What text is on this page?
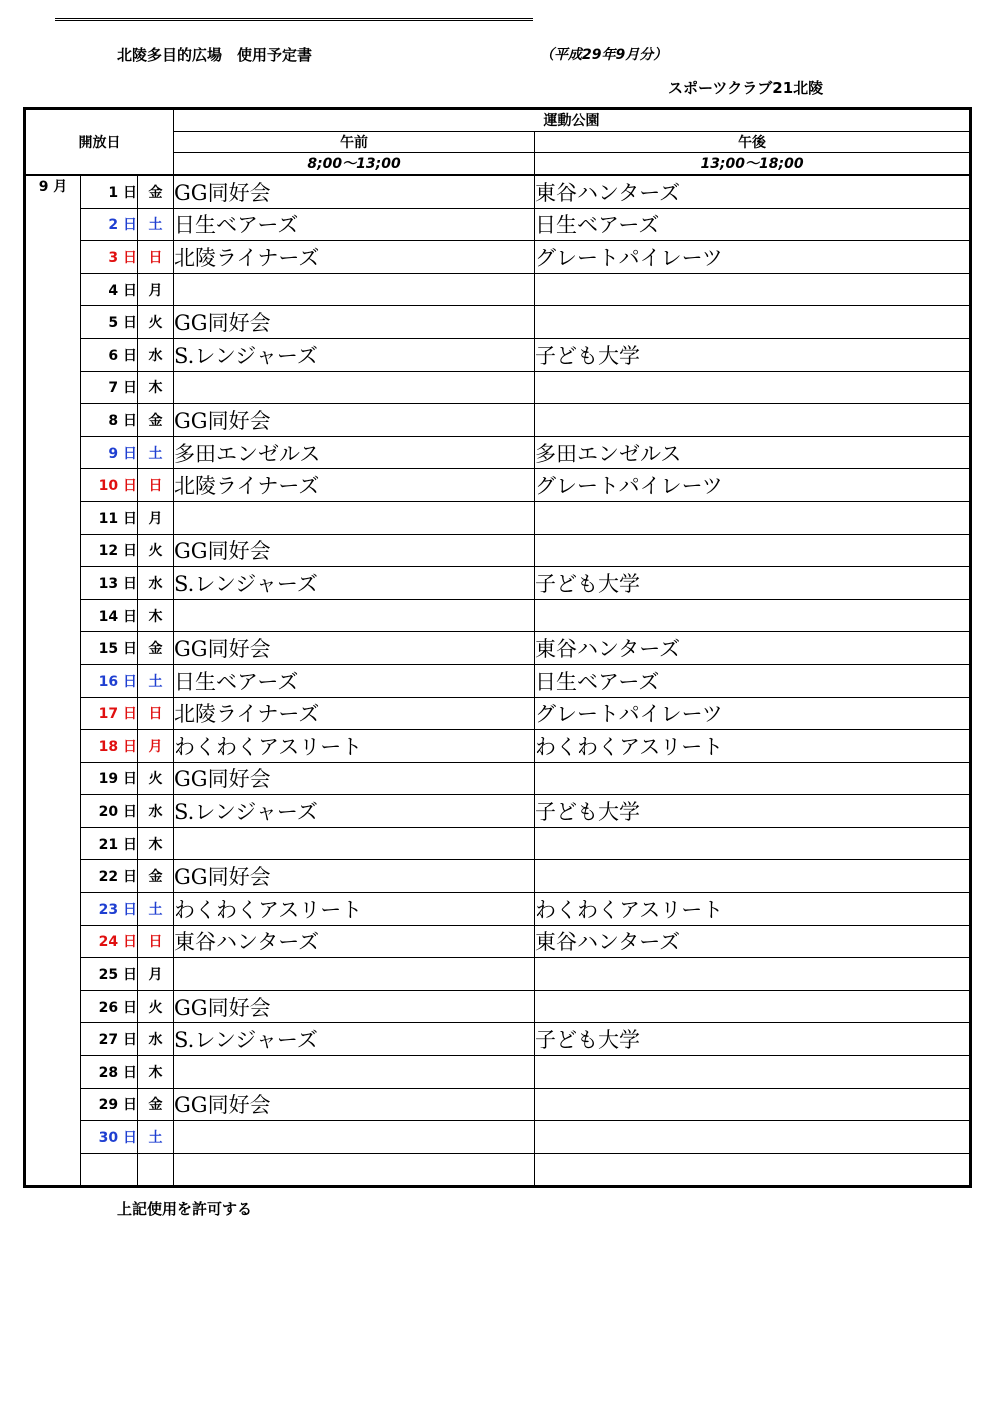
北陵多目的広場　使用予定書	（平成29年9月分）
スポーツクラブ21北陵
開放日			運動公園	
			午前	午後
			8;00～13;00	13;00～18;00
9 月	1 日	金	GG同好会	東谷ハンターズ
	2 日	土	日生ベアーズ	日生ベアーズ
	3 日	日	北陵ライナーズ	グレートパイレーツ
	4 日	月		
	5 日	火	GG同好会	
	6 日	水	S.レンジャーズ	子ども大学
	7 日	木		
	8 日	金	GG同好会	
	9 日	土	多田エンゼルス	多田エンゼルス
	10 日	日	北陵ライナーズ	グレートパイレーツ
	11 日	月		
	12 日	火	GG同好会	
	13 日	水	S.レンジャーズ	子ども大学
	14 日	木		
	15 日	金	GG同好会	東谷ハンターズ
	16 日	土	日生ベアーズ	日生ベアーズ
	17 日	日	北陵ライナーズ	グレートパイレーツ
	18 日	月	わくわくアスリート	わくわくアスリート
	19 日	火	GG同好会	
	20 日	水	S.レンジャーズ	子ども大学
	21 日	木		
	22 日	金	GG同好会	
	23 日	土	わくわくアスリート	わくわくアスリート
	24 日	日	東谷ハンターズ	東谷ハンターズ
	25 日	月		
	26 日	火	GG同好会	
	27 日	水	S.レンジャーズ	子ども大学
	28 日	木		
	29 日	金	GG同好会	
	30 日	土		

上記使用を許可する
